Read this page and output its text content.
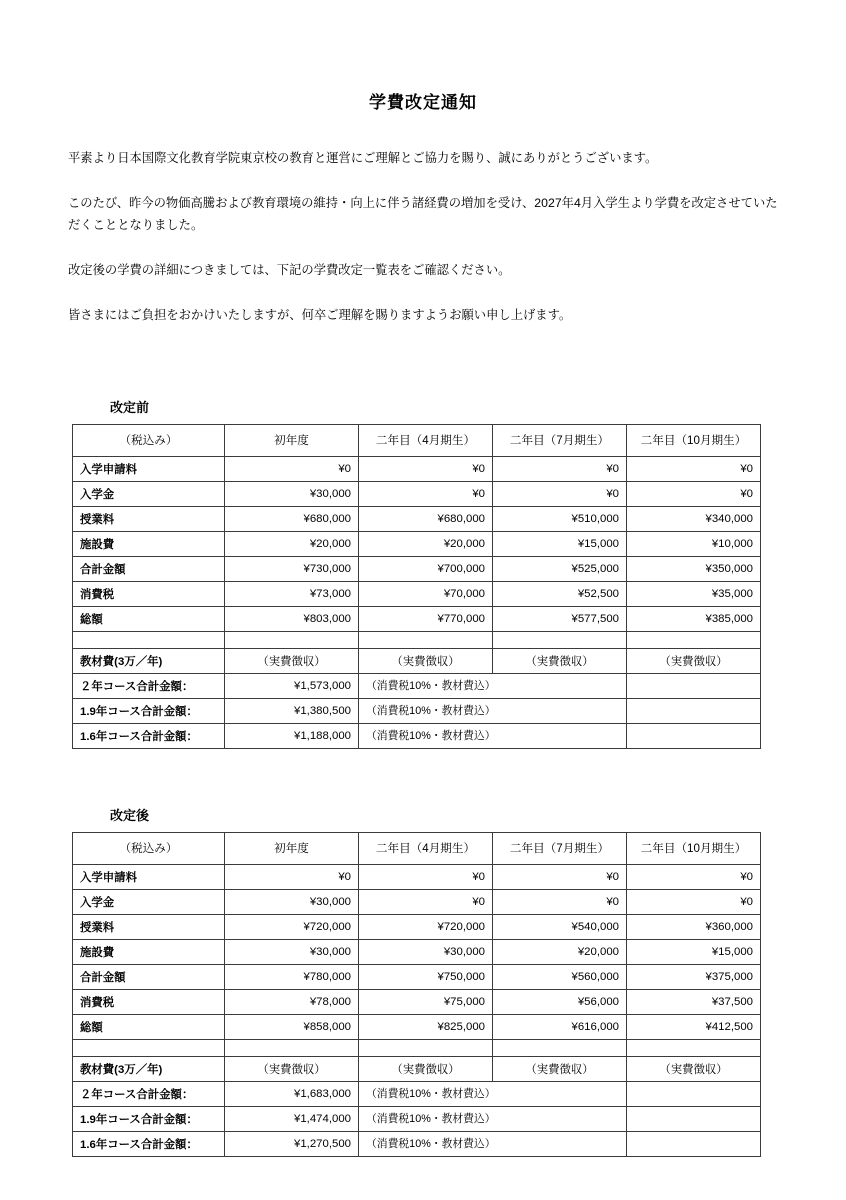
学費改定通知

平素より日本国際文化教育学院東京校の教育と運営にご理解とご協力を賜り、誠にありがとうございます。

このたび、昨今の物価高騰および教育環境の維持・向上に伴う諸経費の増加を受け、2027年4月入学生より学費を改定させていただくこととなりました。

改定後の学費の詳細につきましては、下記の学費改定一覧表をご確認ください。

皆さまにはご負担をおかけいたしますが、何卒ご理解を賜りますようお願い申し上げます。

改定前
（税込み）	初年度	二年目（4月期生）	二年目（7月期生）	二年目（10月期生）
入学申請料	¥0	¥0	¥0	¥0
入学金	¥30,000	¥0	¥0	¥0
授業料	¥680,000	¥680,000	¥510,000	¥340,000
施設費	¥20,000	¥20,000	¥15,000	¥10,000
合計金額	¥730,000	¥700,000	¥525,000	¥350,000
消費税	¥73,000	¥70,000	¥52,500	¥35,000
総額	¥803,000	¥770,000	¥577,500	¥385,000

教材費(3万／年)	（実費徴収）	（実費徴収）	（実費徴収）	（実費徴収）
２年コース合計金額：	¥1,573,000	（消費税10%・教材費込）		
1.9年コース合計金額：	¥1,380,500	（消費税10%・教材費込）		
1.6年コース合計金額：	¥1,188,000	（消費税10%・教材費込）		
改定後
（税込み）	初年度	二年目（4月期生）	二年目（7月期生）	二年目（10月期生）
入学申請料	¥0	¥0	¥0	¥0
入学金	¥30,000	¥0	¥0	¥0
授業料	¥720,000	¥720,000	¥540,000	¥360,000
施設費	¥30,000	¥30,000	¥20,000	¥15,000
合計金額	¥780,000	¥750,000	¥560,000	¥375,000
消費税	¥78,000	¥75,000	¥56,000	¥37,500
総額	¥858,000	¥825,000	¥616,000	¥412,500

教材費(3万／年)	（実費徴収）	（実費徴収）	（実費徴収）	（実費徴収）
２年コース合計金額：	¥1,683,000	（消費税10%・教材費込）		
1.9年コース合計金額：	¥1,474,000	（消費税10%・教材費込）		
1.6年コース合計金額：	¥1,270,500	（消費税10%・教材費込）		
